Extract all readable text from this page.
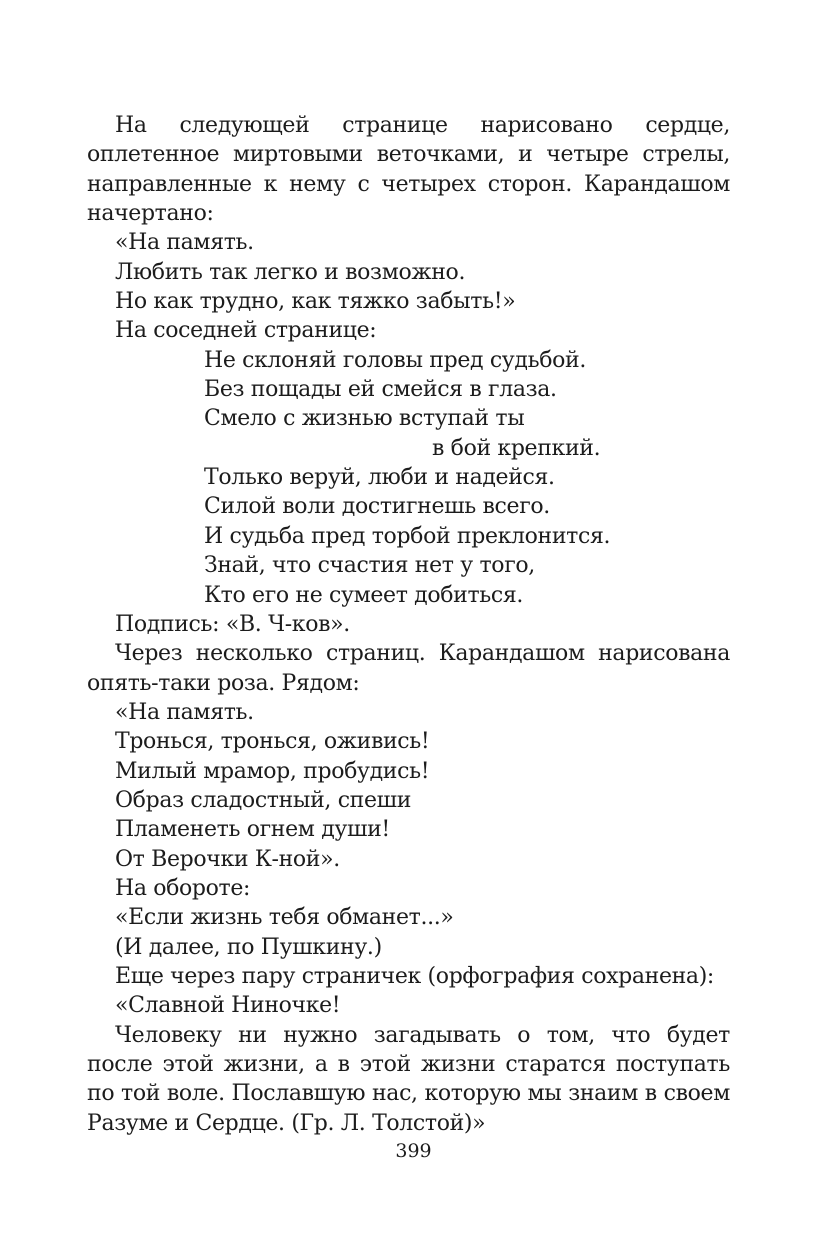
На следующей странице нарисовано сердце, оплетенное миртовыми веточками, и четыре стрелы, направленные к нему с четырех сторон. Карандашом начертано:

«На память.

Любить так легко и возможно.

Но как трудно, как тяжко забыть!»

На соседней странице:

Не склоняй головы пред судьбой.

Без пощады ей смейся в глаза.

Смело с жизнью вступай ты

в бой крепкий.

Только веруй, люби и надейся.

Силой воли достигнешь всего.

И судьба пред торбой преклонится.

Знай, что счастия нет у того,

Кто его не сумеет добиться.

Подпись: «В. Ч-ков».

Через несколько страниц. Карандашом нарисована опять-таки роза. Рядом:

«На память.

Тронься, тронься, оживись!

Милый мрамор, пробудись!

Образ сладостный, спеши

Пламенеть огнем души!

От Верочки К-ной».

На обороте:

«Если жизнь тебя обманет...»

(И далее, по Пушкину.)

Еще через пару страничек (орфография сохранена):

«Славной Ниночке!

Человеку ни нужно загадывать о том, что будет после этой жизни, а в этой жизни старатся поступать по той воле. Пославшую нас, которую мы знаим в своем Разуме и Сердце. (Гр. Л. Толстой)»

399
